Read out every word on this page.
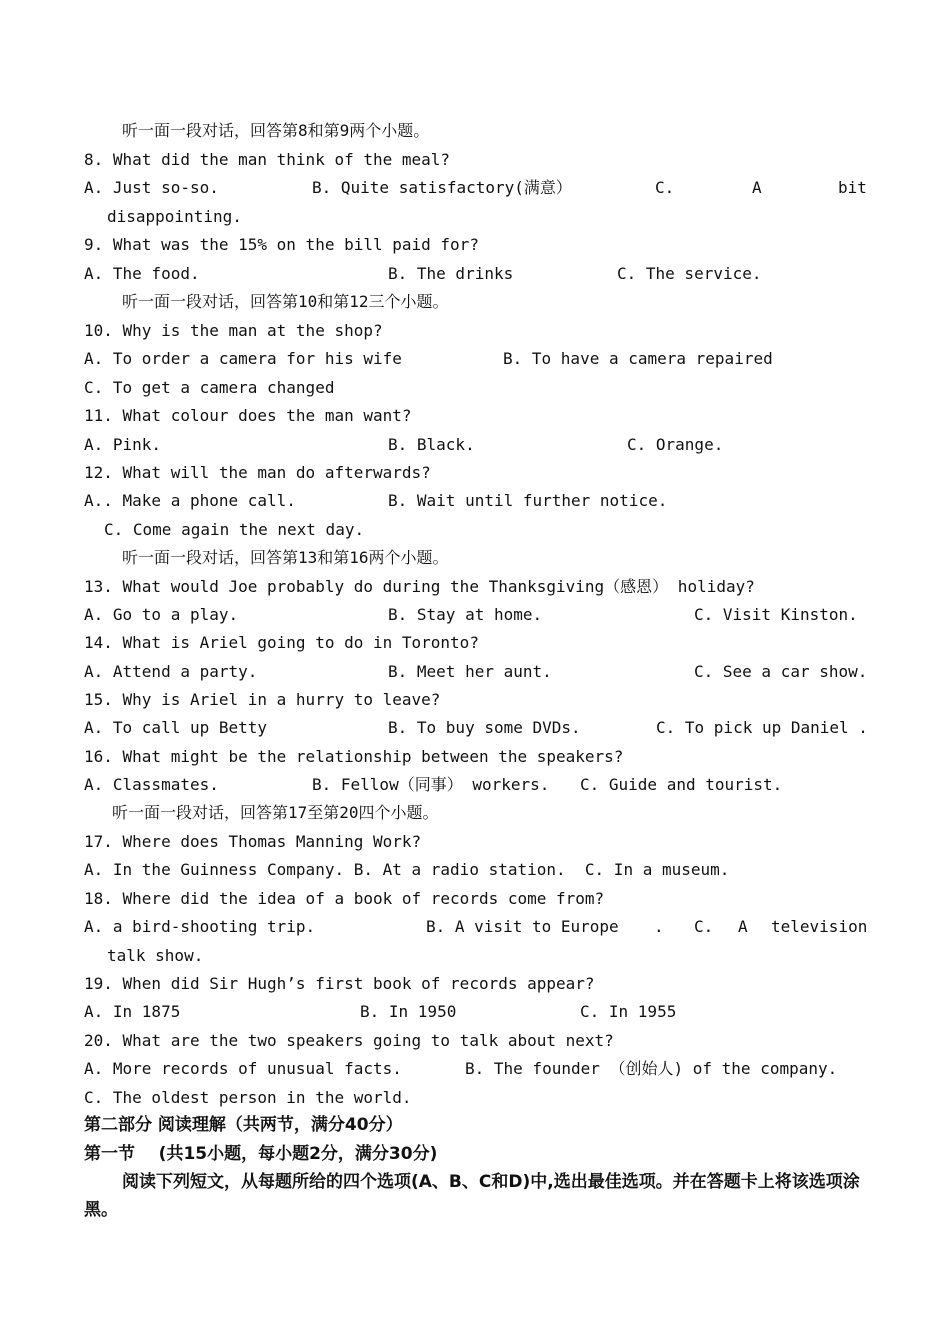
听一面一段对话，回答第8和第9两个小题。
8. What did the man think of the meal?
A. Just so-so.	B. Quite satisfactory(满意）	C.	A	bit
disappointing.
9. What was the 15% on the bill paid for?
A. The food.	B. The drinks	C. The service.
听一面一段对话，回答第10和第12三个小题。
10. Why is the man at the shop?
A. To order a camera for his wife	B. To have a camera repaired
C. To get a camera changed
11. What colour does the man want?
A. Pink.	B. Black.	C. Orange.
12. What will the man do afterwards?
A.. Make a phone call.	B. Wait until further notice.
C. Come again the next day.
听一面一段对话，回答第13和第16两个小题。
13. What would Joe probably do during the Thanksgiving（感恩） holiday?
A. Go to a play.	B. Stay at home.	C. Visit Kinston.
14. What is Ariel going to do in Toronto?
A. Attend a party.	B. Meet her aunt.	C. See a car show.
15. Why is Ariel in a hurry to leave?
A. To call up Betty	B. To buy some DVDs.	C. To pick up Daniel .
16. What might be the relationship between the speakers?
A. Classmates.	B. Fellow（同事） workers. C. Guide and tourist.
听一面一段对话，回答第17至第20四个小题。
17. Where does Thomas Manning Work?
A. In the Guinness Company. B. At a radio station.  C. In a museum.
18. Where did the idea of a book of records come from?
A. a bird-shooting trip.	B. A visit to Europe . C. A television
talk show.
19. When did Sir Hugh’s first book of records appear?
A. In 1875	B. In 1950	C. In 1955
20. What are the two speakers going to talk about next?
A. More records of unusual facts.	B. The founder （创始人) of the company.
C. The oldest person in the world.
第二部分 阅读理解（共两节，满分40分）
第一节    (共15小题，每小题2分，满分30分)
阅读下列短文，从每题所给的四个选项(A、B、C和D)中,选出最佳选项。并在答题卡上将该选项涂黑。
